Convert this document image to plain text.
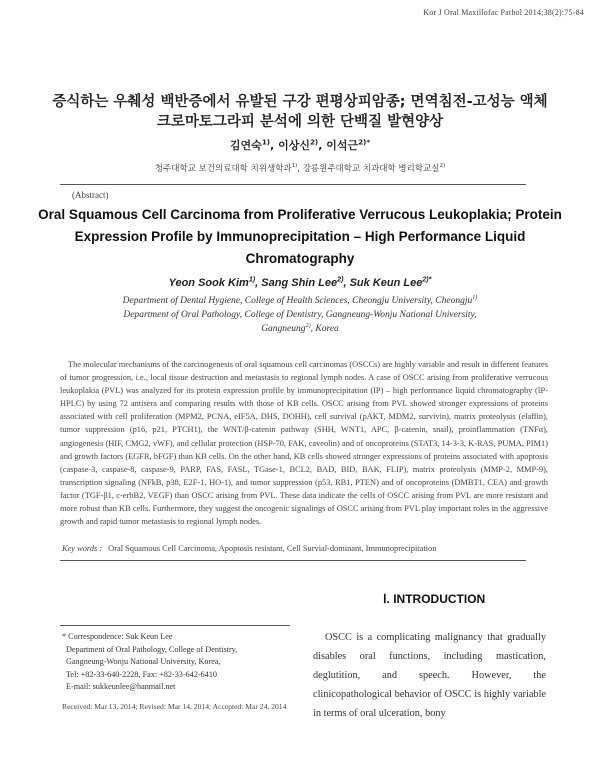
Kor J Oral Maxillofac Pathol 2014;38(2):75-84
증식하는 우췌성 백반증에서 유발된 구강 편평상피암종; 면역침전-고성능 액체
크로마토그라피 분석에 의한 단백질 발현양상
김연숙$^{1)}$, 이상신$^{2)}$, 이석근$^{2)*}$
청주대학교 보건의료대학 치위생학과$^{1)}$, 강릉원주대학교 치과대학 병리학교실$^{2)}$
(Abstract)
Oral Squamous Cell Carcinoma from Proliferative Verrucous Leukoplakia; Protein
Expression Profile by Immunoprecipitation – High Performance Liquid
Chromatography
Yeon Sook Kim$^{1)}$, Sang Shin Lee$^{2)}$, Suk Keun Lee$^{2)*}$
Department of Dental Hygiene, College of Health Sciences, Cheongju University, Cheongju$^{1)}$
Department of Oral Pathology, College of Dentistry, Gangneung-Wonju National University,
Gangneung$^{2)}$, Korea
The molecular mechanisms of the carcinogenesis of oral squamous cell carcinomas (OSCCs) are highly variable and result in different features of tumor progression, i.e., local tissue destruction and metastasis to regional lymph nodes. A case of OSCC arising from proliferative verrucous leukoplakia (PVL) was analyzed for its protein expression profile by immunoprecipitation (IP) – high performance liquid chromatography (IP-HPLC) by using 72 antisera and comparing results with those of KB cells. OSCC arising from PVL showed stronger expressions of proteins associated with cell proliferation (MPM2, PCNA, eIF5A, DHS, DOHH), cell survival (pAKT, MDM2, survivin), matrix proteolysis (elaffin), tumor suppression (p16, p21, PTCH1), the WNT/β-catenin pathway (SHH, WNT1, APC, β-catenin, snail), proinflammation (TNFα), angiogenesis (HIF, CMG2, vWF), and cellular protection (HSP-70, FAK, caveolin) and of oncoproteins (STAT3, 14-3-3, K-RAS, PUMA, PIM1) and growth factors (EGFR, bFGF) than KB cells. On the other hand, KB cells showed stronger expressions of proteins associated with apoptosis (caspase-3, caspase-8, caspase-9, PARP, FAS, FASL, TGase-1, BCL2, BAD, BID, BAK, FLIP), matrix proteolysis (MMP-2, MMP-9), transcription signaling (NFkB, p38, E2F-1, HO-1), and tumor suppression (p53, RB1, PTEN) and of oncoproteins (DMBT1, CEA) and growth factor (TGF-β1, c-erbB2, VEGF) than OSCC arising from PVL. These data indicate the cells of OSCC arising from PVL are more resistant and more robust than KB cells. Furthermore, they suggest the oncogenic signalings of OSCC arising from PVL play important roles in the aggressive growth and rapid tumor metastasis to regional lymph nodes.
Key words : Oral Squamous Cell Carcinoma, Apoptosis resistant, Cell Survial-dominant, Immunoprecipitation
Ⅰ. INTRODUCTION
OSCC is a complicating malignancy that gradually disables oral functions, including mastication, deglutition, and speech. However, the clinicopathological behavior of OSCC is highly variable in terms of oral ulceration, bony
* Correspondence: Suk Keun Lee
Department of Oral Pathology, College of Dentistry,
Gangneung-Wonju National University, Korea,
Tel: +82-33-640-2228, Fax: +82-33-642-6410
E-mail: sukkeunlee@hanmail.net
Received: Mar 13, 2014; Revised: Mar 14, 2014; Accepted: Mar 24, 2014
